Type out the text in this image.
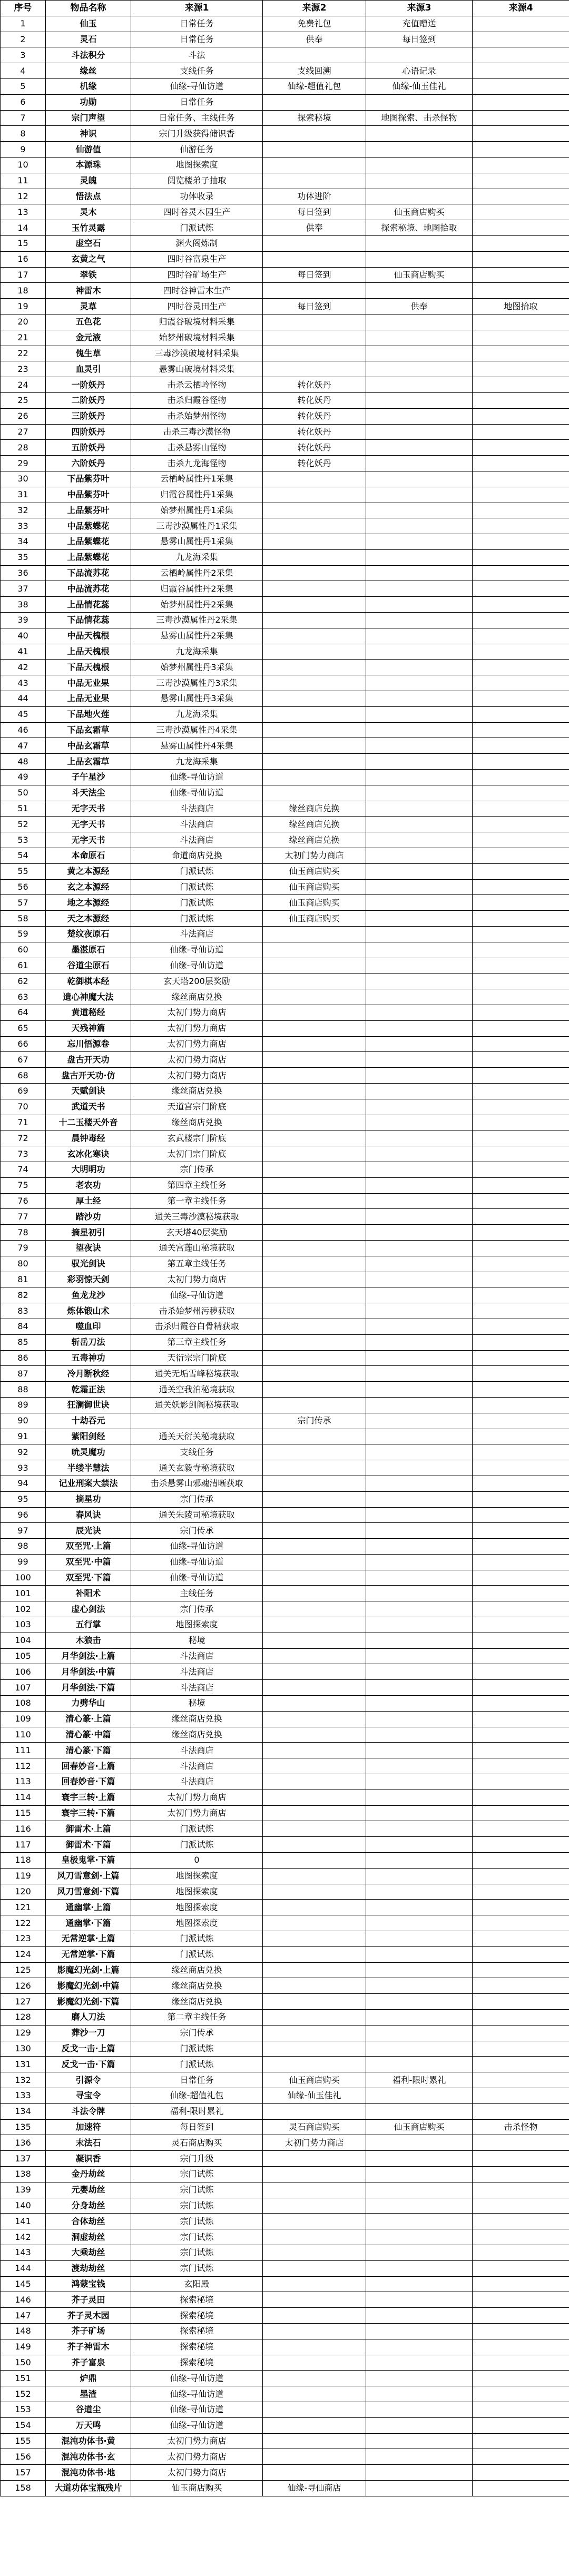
序号	物品名称	来源1	来源2	来源3	来源4
1	仙玉	日常任务	免费礼包	充值赠送	
2	灵石	日常任务	供奉	每日签到	
3	斗法积分	斗法			
4	缘丝	支线任务	支线回溯	心语记录	
5	机缘	仙缘-寻仙访道	仙缘-超值礼包	仙缘-仙玉佳礼	
6	功勋	日常任务			
7	宗门声望	日常任务、主线任务	探索秘境	地图探索、击杀怪物	
8	神识	宗门升级获得储识香			
9	仙游值	仙游任务			
10	本源珠	地图探索度			
11	灵魄	阅览楼弟子抽取			
12	悟法点	功体收录	功体进阶		
13	灵木	四时谷灵木园生产	每日签到	仙玉商店购买	
14	玉竹灵露	门派试炼	供奉	探索秘境、地图拾取	
15	虚空石	渊火阁炼制			
16	玄黄之气	四时谷富泉生产			
17	翠铁	四时谷矿场生产	每日签到	仙玉商店购买	
18	神雷木	四时谷神雷木生产			
19	灵草	四时谷灵田生产	每日签到	供奉	地图拾取
20	五色花	归霞谷破境材料采集			
21	金元液	始梦州破境材料采集			
22	傀生草	三毒沙漠破境材料采集			
23	血灵引	悬雾山破境材料采集			
24	一阶妖丹	击杀云栖岭怪物	转化妖丹		
25	二阶妖丹	击杀归霞谷怪物	转化妖丹		
26	三阶妖丹	击杀始梦州怪物	转化妖丹		
27	四阶妖丹	击杀三毒沙漠怪物	转化妖丹		
28	五阶妖丹	击杀悬雾山怪物	转化妖丹		
29	六阶妖丹	击杀九龙海怪物	转化妖丹		
30	下品紫芬叶	云栖岭属性丹1采集			
31	中品紫芬叶	归霞谷属性丹1采集			
32	上品紫芬叶	始梦州属性丹1采集			
33	中品紫蝶花	三毒沙漠属性丹1采集			
34	上品紫蝶花	悬雾山属性丹1采集			
35	上品紫蝶花	九龙海采集			
36	下品流苏花	云栖岭属性丹2采集			
37	中品流苏花	归霞谷属性丹2采集			
38	上品情花蕊	始梦州属性丹2采集			
39	下品情花蕊	三毒沙漠属性丹2采集			
40	中品天槐根	悬雾山属性丹2采集			
41	上品天槐根	九龙海采集			
42	下品天槐根	始梦州属性丹3采集			
43	中品无业果	三毒沙漠属性丹3采集			
44	上品无业果	悬雾山属性丹3采集			
45	下品地火莲	九龙海采集			
46	下品玄霜草	三毒沙漠属性丹4采集			
47	中品玄霜草	悬雾山属性丹4采集			
48	上品玄霜草	九龙海采集			
49	子午星沙	仙缘-寻仙访道			
50	斗天法尘	仙缘-寻仙访道			
51	无字天书	斗法商店	缘丝商店兑换		
52	无字天书	斗法商店	缘丝商店兑换		
53	无字天书	斗法商店	缘丝商店兑换		
54	本命原石	命道商店兑换	太初门势力商店		
55	黄之本源经	门派试炼	仙玉商店购买		
56	玄之本源经	门派试炼	仙玉商店购买		
57	地之本源经	门派试炼	仙玉商店购买		
58	天之本源经	门派试炼	仙玉商店购买		
59	楚纹夜原石	斗法商店			
60	墨湛原石	仙缘-寻仙访道			
61	谷道尘原石	仙缘-寻仙访道			
62	乾御棋本经	玄天塔200层奖励			
63	遗心神魔大法	缘丝商店兑换			
64	黄道秘经	太初门势力商店			
65	天残神篇	太初门势力商店			
66	忘川悟源卷	太初门势力商店			
67	盘古开天功	太初门势力商店			
68	盘古开天功·仿	太初门势力商店			
69	天赋剑诀	缘丝商店兑换			
70	武道天书	天道宫宗门阶底			
71	十二玉楼天外音	缘丝商店兑换			
72	晨钟毒经	玄武楼宗门阶底			
73	玄冰化寒诀	太初门宗门阶底			
74	大明明功	宗门传承			
75	老农功	第四章主线任务			
76	厚土经	第一章主线任务			
77	踏沙功	通关三毒沙漠秘境获取			
78	摘星初引	玄天塔40层奖励			
79	望夜诀	通关宫莲山秘境获取			
80	驭光剑诀	第五章主线任务			
81	彩羽惊天剑	太初门势力商店			
82	鱼龙龙沙	仙缘-寻仙访道			
83	炼体锻山术	击杀始梦州污秽获取			
84	噬血印	击杀归霞谷白骨精获取			
85	斩岳刀法	第三章主线任务			
86	五毒神功	天衍宗宗门阶底			
87	冷月断秋经	通关无垢雪峰秘境获取			
88	乾霜正法	通关空我泊秘境获取			
89	狂澜御世诀	通关妖影剑阁秘境获取			
90	十劫吞元		宗门传承		
91	紫阳剑经	通关天衍关秘境获取			
92	吮灵魔功	支线任务			
93	半缕半慧法	通关玄毅寺秘境获取			
94	记业刑案大禁法	击杀悬雾山邪魂清晰获取			
95	摘星功	宗门传承			
96	春风诀	通关朱陵司秘境获取			
97	辰光诀	宗门传承			
98	双至咒·上篇	仙缘-寻仙访道			
99	双至咒·中篇	仙缘-寻仙访道			
100	双至咒·下篇	仙缘-寻仙访道			
101	补阳术	主线任务			
102	虚心剑法	宗门传承			
103	五行掌	地图探索度			
104	木狼击	秘境			
105	月华剑法·上篇	斗法商店			
106	月华剑法·中篇	斗法商店			
107	月华剑法·下篇	斗法商店			
108	力劈华山	秘境			
109	清心篆·上篇	缘丝商店兑换			
110	清心篆·中篇	缘丝商店兑换			
111	清心篆·下篇	斗法商店			
112	回春妙音·上篇	斗法商店			
113	回春妙音·下篇	斗法商店			
114	寰宇三转·上篇	太初门势力商店			
115	寰宇三转·下篇	太初门势力商店			
116	御雷术·上篇	门派试炼			
117	御雷术·下篇	门派试炼			
118	皇极鬼掌·下篇	0			
119	风刀雪意剑·上篇	地图探索度			
120	风刀雪意剑·下篇	地图探索度			
121	通幽掌·上篇	地图探索度			
122	通幽掌·下篇	地图探索度			
123	无常逆掌·上篇	门派试炼			
124	无常逆掌·下篇	门派试炼			
125	影魔幻光剑·上篇	缘丝商店兑换			
126	影魔幻光剑·中篇	缘丝商店兑换			
127	影魔幻光剑·下篇	缘丝商店兑换			
128	磨人刀法	第二章主线任务			
129	葬沙一刀	宗门传承			
130	反戈一击·上篇	门派试炼			
131	反戈一击·下篇	门派试炼			
132	引源令	日常任务	仙玉商店购买	福利-限时累礼	
133	寻宝令	仙缘-超值礼包	仙缘-仙玉佳礼		
134	斗法令牌	福利-限时累礼			
135	加速符	每日签到	灵石商店购买	仙玉商店购买	击杀怪物
136	末法石	灵石商店购买	太初门势力商店		
137	凝识香	宗门升级			
138	金丹劫丝	宗门试炼			
139	元婴劫丝	宗门试炼			
140	分身劫丝	宗门试炼			
141	合体劫丝	宗门试炼			
142	洞虚劫丝	宗门试炼			
143	大乘劫丝	宗门试炼			
144	渡劫劫丝	宗门试炼			
145	鸿蒙宝钱	玄阳殿			
146	芥子灵田	探索秘境			
147	芥子灵木园	探索秘境			
148	芥子矿场	探索秘境			
149	芥子神雷木	探索秘境			
150	芥子富泉	探索秘境			
151	炉鼎	仙缘-寻仙访道			
152	墨渣	仙缘-寻仙访道			
153	谷道尘	仙缘-寻仙访道			
154	万天鸣	仙缘-寻仙访道			
155	混沌功体书·黄	太初门势力商店			
156	混沌功体书·玄	太初门势力商店			
157	混沌功体书·地	太初门势力商店			
158	大道功体宝瓶残片	仙玉商店购买	仙缘-寻仙商店		
